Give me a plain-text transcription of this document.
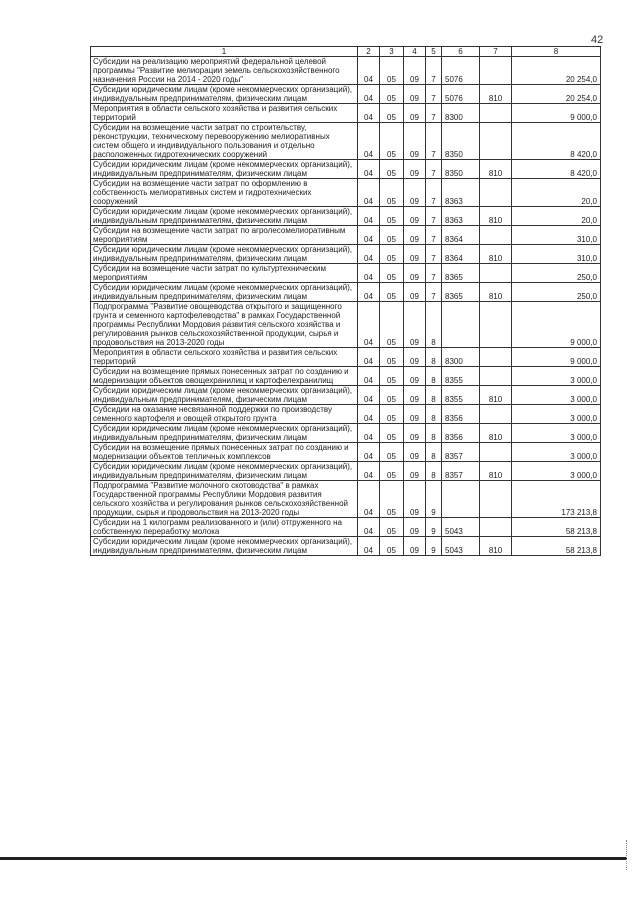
42
1	2	3	4	5	6	7	8
Субсидии на реализацию мероприятий федеральной целевой программы "Развитие мелиорации земель сельскохозяйственного назначения России на 2014 - 2020 годы"	04	05	09	7	5076		20 254,0
Субсидии юридическим лицам (кроме некоммерческих организаций), индивидуальным предпринимателям, физическим лицам	04	05	09	7	5076	810	20 254,0
Мероприятия в области сельского хозяйства и развития сельских территорий	04	05	09	7	8300		9 000,0
Субсидии на возмещение части затрат по строительству, реконструкции, техническому перевооружению мелиоративных систем общего и индивидуального пользования и отдельно расположенных гидротехнических сооружений	04	05	09	7	8350		8 420,0
Субсидии юридическим лицам (кроме некоммерческих организаций), индивидуальным предпринимателям, физическим лицам	04	05	09	7	8350	810	8 420,0
Субсидии на возмещение части затрат по оформлению в собственность мелиоративных систем и гидротехнических сооружений	04	05	09	7	8363		20,0
Субсидии юридическим лицам (кроме некоммерческих организаций), индивидуальным предпринимателям, физическим лицам	04	05	09	7	8363	810	20,0
Субсидии на возмещение части затрат по агролесомелиоративным мероприятиям	04	05	09	7	8364		310,0
Субсидии юридическим лицам (кроме некоммерческих организаций), индивидуальным предпринимателям, физическим лицам	04	05	09	7	8364	810	310,0
Субсидии на возмещение части затрат по культуртехническим мероприятиям	04	05	09	7	8365		250,0
Субсидии юридическим лицам (кроме некоммерческих организаций), индивидуальным предпринимателям, физическим лицам	04	05	09	7	8365	810	250,0
Подпрограмма "Развитие овощеводства открытого и защищенного грунта и семенного картофелеводства" в рамках Государственной программы Республики Мордовия развития сельского хозяйства и регулирования рынков сельскохозяйственной продукции, сырья и продовольствия на 2013-2020 годы	04	05	09	8			9 000,0
Мероприятия в области сельского хозяйства и развития сельских территорий	04	05	09	8	8300		9 000,0
Субсидии на возмещение прямых понесенных затрат по созданию и модернизации объектов овощехранилищ и картофелехранилищ	04	05	09	8	8355		3 000,0
Субсидии юридическим лицам (кроме некоммерческих организаций), индивидуальным предпринимателям, физическим лицам	04	05	09	8	8355	810	3 000,0
Субсидии на оказание несвязанной поддержки по производству семенного картофеля и овощей открытого грунта	04	05	09	8	8356		3 000,0
Субсидии юридическим лицам (кроме некоммерческих организаций), индивидуальным предпринимателям, физическим лицам	04	05	09	8	8356	810	3 000,0
Субсидии на возмещение прямых понесенных затрат по созданию и модернизации объектов тепличных комплексов	04	05	09	8	8357		3 000,0
Субсидии юридическим лицам (кроме некоммерческих организаций), индивидуальным предпринимателям, физическим лицам	04	05	09	8	8357	810	3 000,0
Подпрограмма "Развитие молочного скотоводства" в рамках Государственной программы Республики Мордовия развития сельского хозяйства и регулирования рынков сельскохозяйственной продукции, сырья и продовольствия на 2013-2020 годы	04	05	09	9			173 213,8
Субсидии на 1 килограмм реализованного и (или) отгруженного на собственную переработку молока	04	05	09	9	5043		58 213,8
Субсидии юридическим лицам (кроме некоммерческих организаций), индивидуальным предпринимателям, физическим лицам	04	05	09	9	5043	810	58 213,8
